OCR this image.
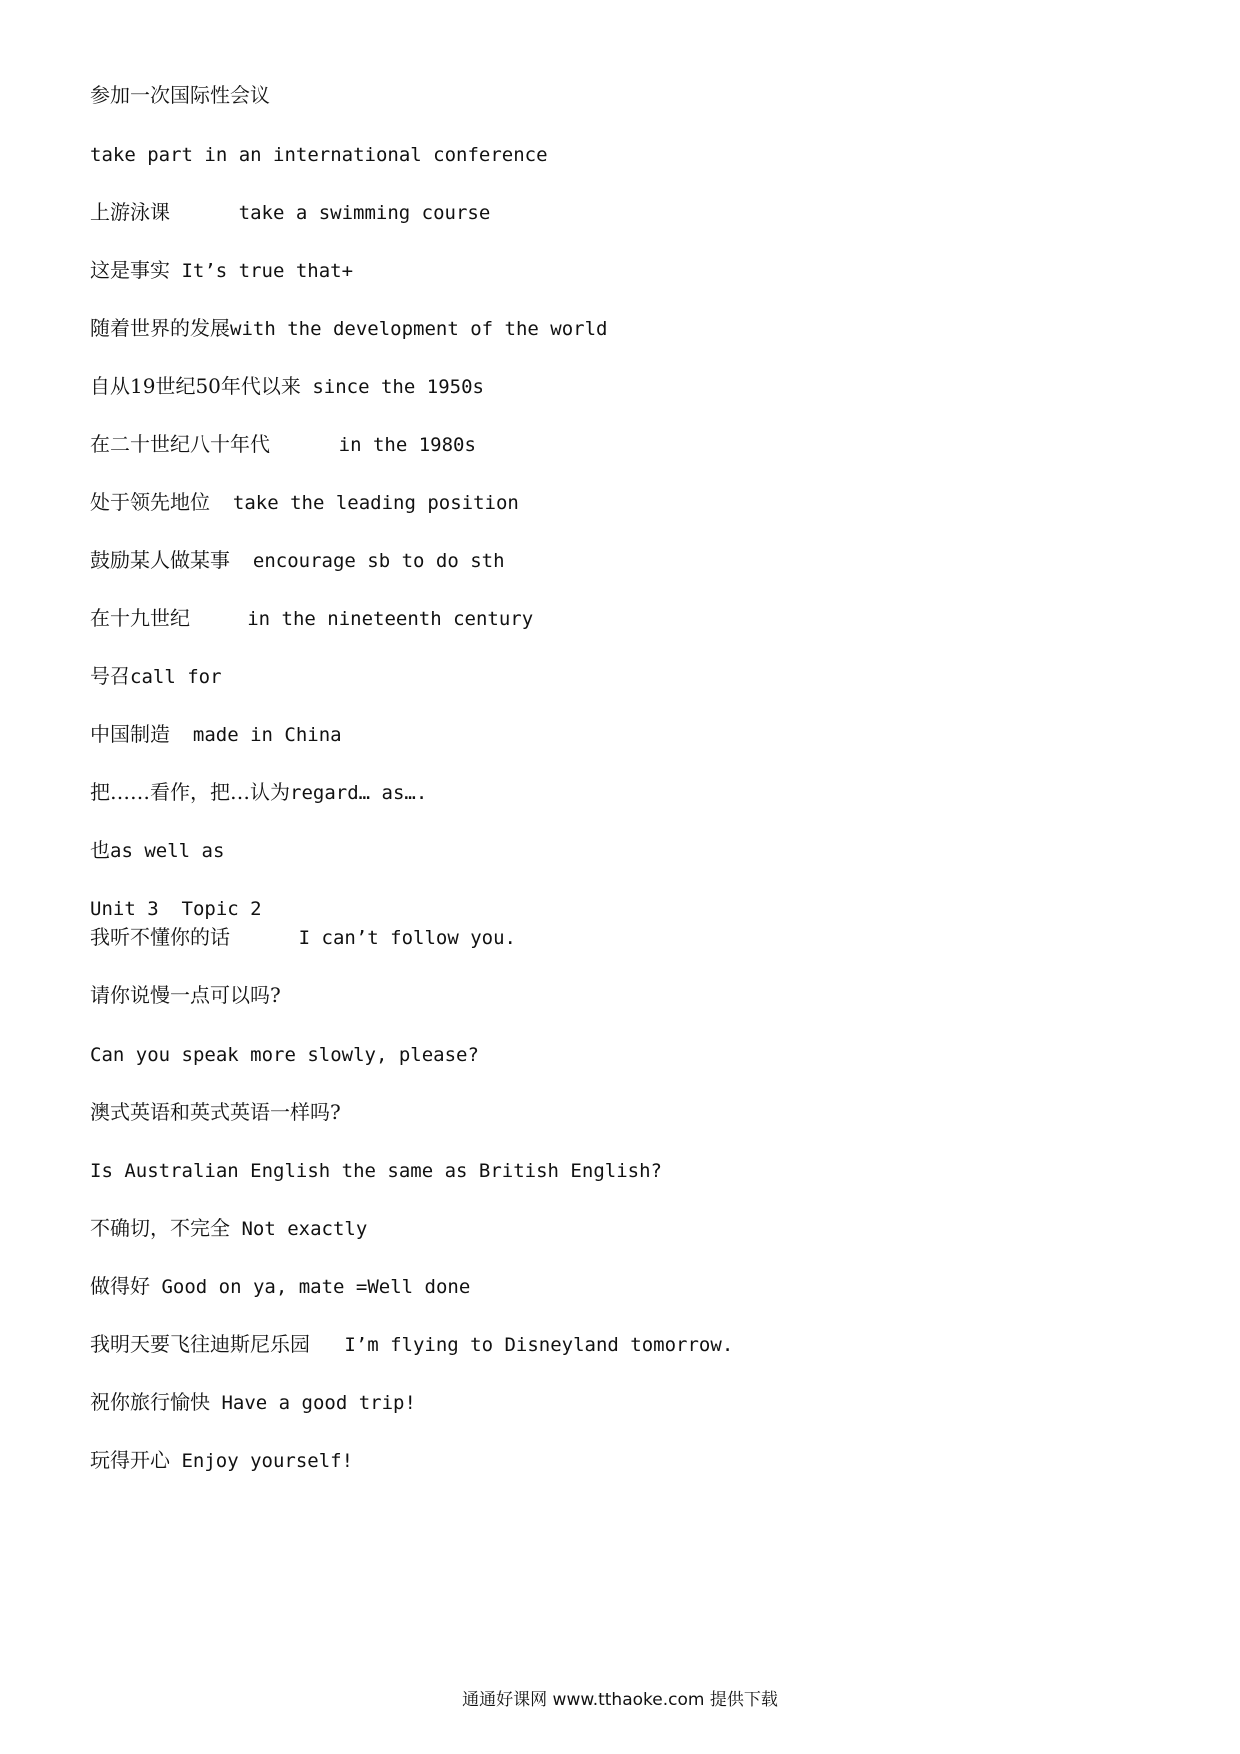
参加一次国际性会议
take part in an international conference
上游泳课	take a swimming course
这是事实 It’s true that+
随着世界的发展with the development of the world
自从19世纪50年代以来 since the 1950s
在二十世纪八十年代	in the 1980s
处于领先地位 take the leading position
鼓励某人做某事 encourage sb to do sth
在十九世纪	in the nineteenth century
号召call for
中国制造 made in China
把……看作，把…认为regard… as….
也as well as
Unit 3  Topic 2
我听不懂你的话	I can’t follow you.
请你说慢一点可以吗?
Can you speak more slowly, please?
澳式英语和英式英语一样吗?
Is Australian English the same as British English?
不确切，不完全 Not exactly
做得好 Good on ya, mate =Well done
我明天要飞往迪斯尼乐园 I’m flying to Disneyland tomorrow.
祝你旅行愉快 Have a good trip!
玩得开心 Enjoy yourself!
通通好课网 www.tthaoke.com 提供下载
